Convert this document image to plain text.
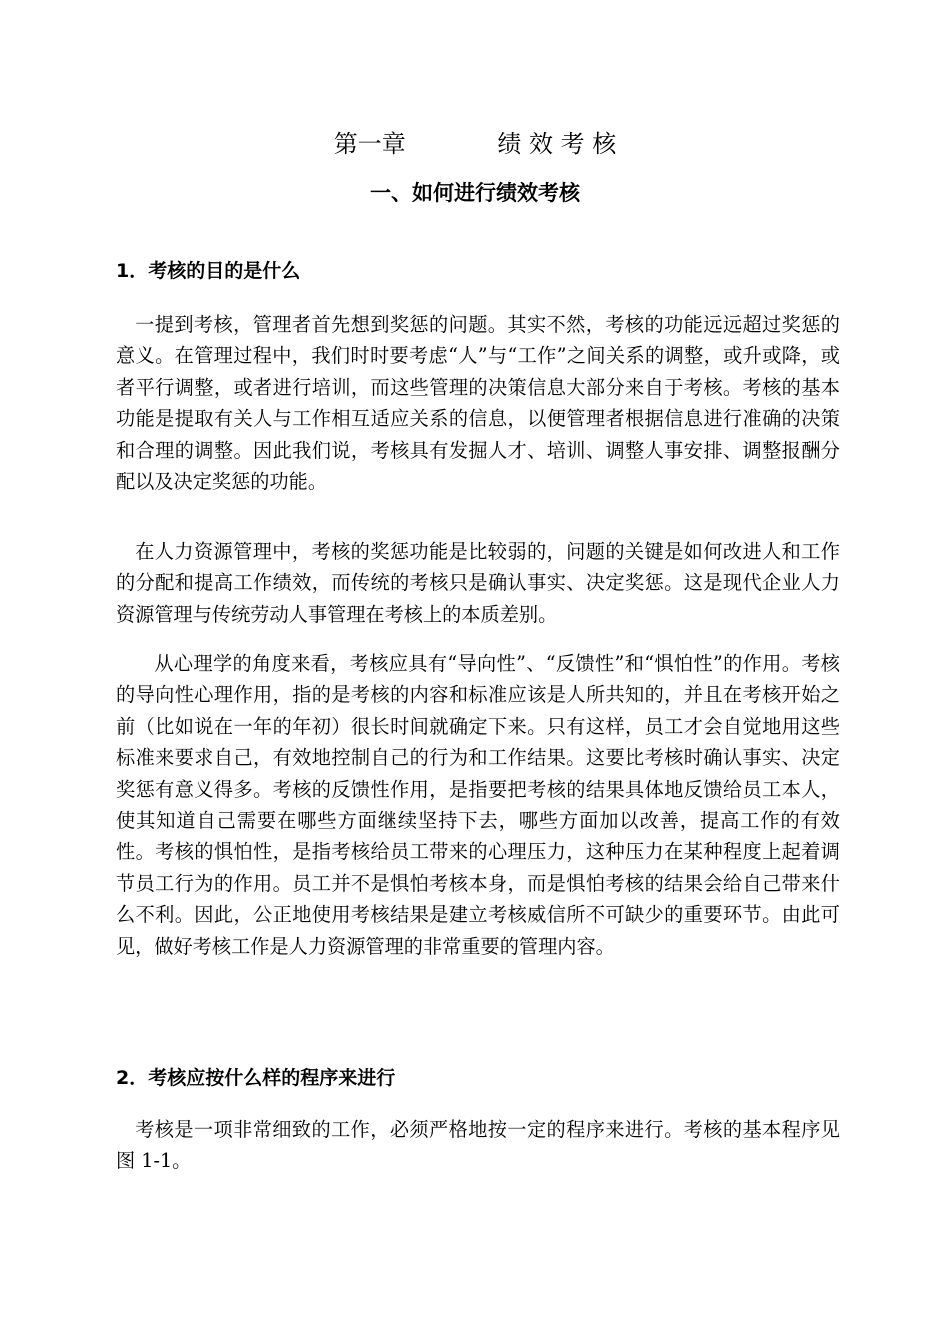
第一章            绩 效 考 核
一、如何进行绩效考核
1．考核的目的是什么

一提到考核，管理者首先想到奖惩的问题。其实不然，考核的功能远远超过奖惩的意义。在管理过程中，我们时时要考虑“人”与“工作”之间关系的调整，或升或降，或者平行调整，或者进行培训，而这些管理的决策信息大部分来自于考核。考核的基本功能是提取有关人与工作相互适应关系的信息，以便管理者根据信息进行准确的决策和合理的调整。因此我们说，考核具有发掘人才、培训、调整人事安排、调整报酬分配以及决定奖惩的功能。

在人力资源管理中，考核的奖惩功能是比较弱的，问题的关键是如何改进人和工作的分配和提高工作绩效，而传统的考核只是确认事实、决定奖惩。这是现代企业人力资源管理与传统劳动人事管理在考核上的本质差别。

从心理学的角度来看，考核应具有“导向性”、“反馈性”和“惧怕性”的作用。考核的导向性心理作用，指的是考核的内容和标准应该是人所共知的，并且在考核开始之前（比如说在一年的年初）很长时间就确定下来。只有这样，员工才会自觉地用这些标准来要求自己，有效地控制自己的行为和工作结果。这要比考核时确认事实、决定奖惩有意义得多。考核的反馈性作用，是指要把考核的结果具体地反馈给员工本人，使其知道自己需要在哪些方面继续坚持下去，哪些方面加以改善，提高工作的有效性。考核的惧怕性，是指考核给员工带来的心理压力，这种压力在某种程度上起着调节员工行为的作用。员工并不是惧怕考核本身，而是惧怕考核的结果会给自己带来什么不利。因此，公正地使用考核结果是建立考核威信所不可缺少的重要环节。由此可见，做好考核工作是人力资源管理的非常重要的管理内容。

2．考核应按什么样的程序来进行

考核是一项非常细致的工作，必须严格地按一定的程序来进行。考核的基本程序见图 1-1。
